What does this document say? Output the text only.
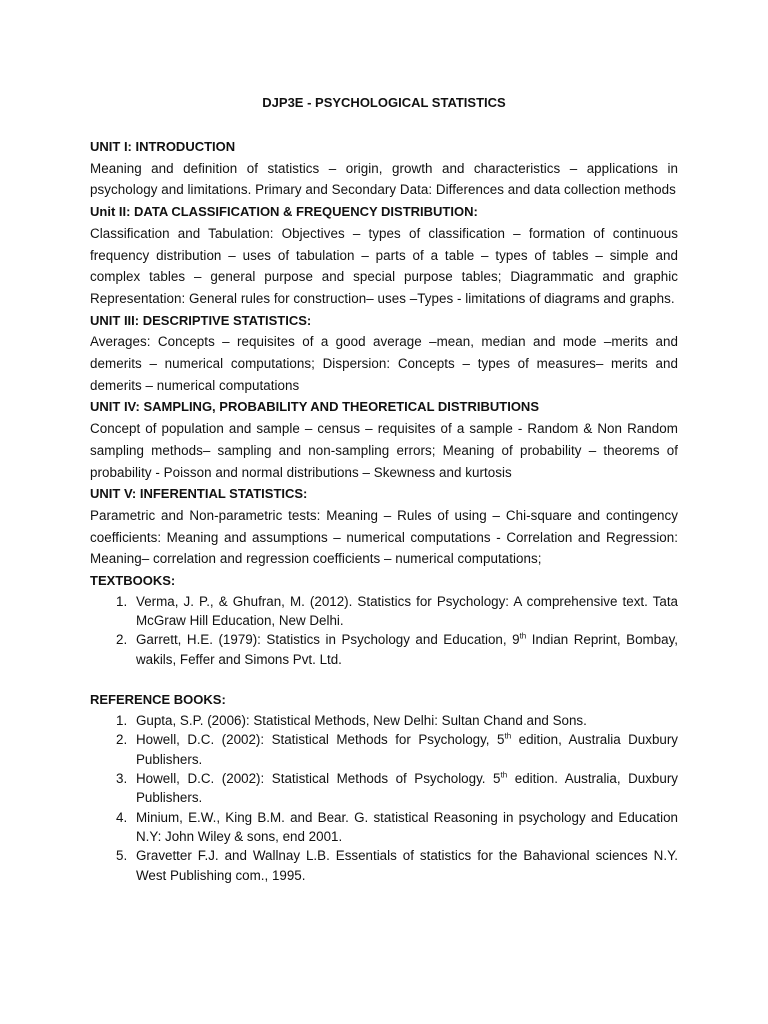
DJP3E - PSYCHOLOGICAL STATISTICS

UNIT I: INTRODUCTION

Meaning and definition of statistics – origin, growth and characteristics – applications in psychology and limitations. Primary and Secondary Data: Differences and data collection methods

Unit II: DATA CLASSIFICATION & FREQUENCY DISTRIBUTION:

Classification and Tabulation: Objectives – types of classification – formation of continuous frequency distribution – uses of tabulation – parts of a table – types of tables – simple and complex tables – general purpose and special purpose tables; Diagrammatic and graphic Representation: General rules for construction– uses –Types - limitations of diagrams and graphs.

UNIT III: DESCRIPTIVE STATISTICS:

Averages: Concepts – requisites of a good average –mean, median and mode –merits and demerits – numerical computations; Dispersion: Concepts – types of measures– merits and demerits – numerical computations

UNIT IV: SAMPLING, PROBABILITY AND THEORETICAL DISTRIBUTIONS

Concept of population and sample – census – requisites of a sample - Random & Non Random sampling methods– sampling and non-sampling errors; Meaning of probability – theorems of probability - Poisson and normal distributions – Skewness and kurtosis

UNIT V: INFERENTIAL STATISTICS:

Parametric and Non-parametric tests: Meaning – Rules of using – Chi-square and contingency coefficients: Meaning and assumptions – numerical computations - Correlation and Regression: Meaning– correlation and regression coefficients – numerical computations;

TEXTBOOKS:

1. Verma, J. P., & Ghufran, M. (2012). Statistics for Psychology: A comprehensive text. Tata McGraw Hill Education, New Delhi.
2. Garrett, H.E. (1979): Statistics in Psychology and Education, 9th Indian Reprint, Bombay, wakils, Feffer and Simons Pvt. Ltd.

REFERENCE BOOKS:

1. Gupta, S.P. (2006): Statistical Methods, New Delhi: Sultan Chand and Sons.
2. Howell, D.C. (2002): Statistical Methods for Psychology, 5th edition, Australia Duxbury Publishers.
3. Howell, D.C. (2002): Statistical Methods of Psychology. 5th edition. Australia, Duxbury Publishers.
4. Minium, E.W., King B.M. and Bear. G. statistical Reasoning in psychology and Education N.Y: John Wiley & sons, end 2001.
5. Gravetter F.J. and Wallnay L.B. Essentials of statistics for the Bahavional sciences N.Y. West Publishing com., 1995.
